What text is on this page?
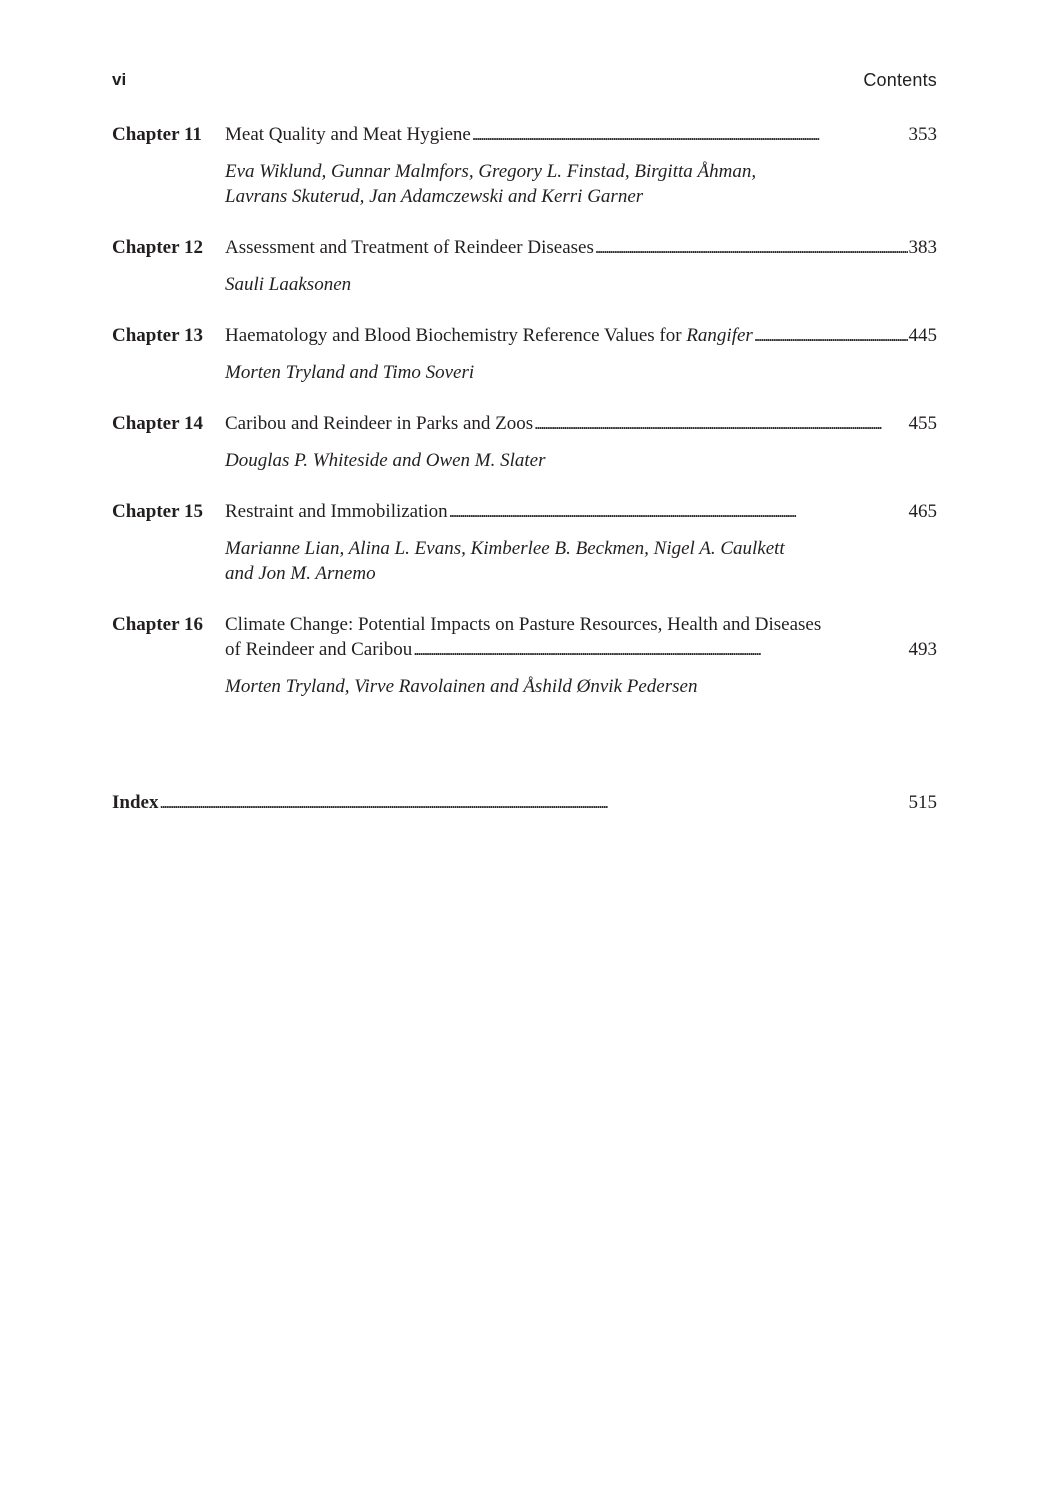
vi	Contents
Chapter 11	Meat Quality and Meat Hygiene . . .	353
Eva Wiklund, Gunnar Malmfors, Gregory L. Finstad, Birgitta Åhman,
Lavrans Skuterud, Jan Adamczewski and Kerri Garner
Chapter 12	Assessment and Treatment of Reindeer Diseases . . .	383
Sauli Laaksonen
Chapter 13	Haematology and Blood Biochemistry Reference Values for Rangifer . . .	445
Morten Tryland and Timo Soveri
Chapter 14	Caribou and Reindeer in Parks and Zoos . . .	455
Douglas P. Whiteside and Owen M. Slater
Chapter 15	Restraint and Immobilization . . .	465
Marianne Lian, Alina L. Evans, Kimberlee B. Beckmen, Nigel A. Caulkett
and Jon M. Arnemo
Chapter 16	Climate Change: Potential Impacts on Pasture Resources, Health and Diseases
of Reindeer and Caribou . . .	493
Morten Tryland, Virve Ravolainen and Åshild Ønvik Pedersen
Index . . .	515
